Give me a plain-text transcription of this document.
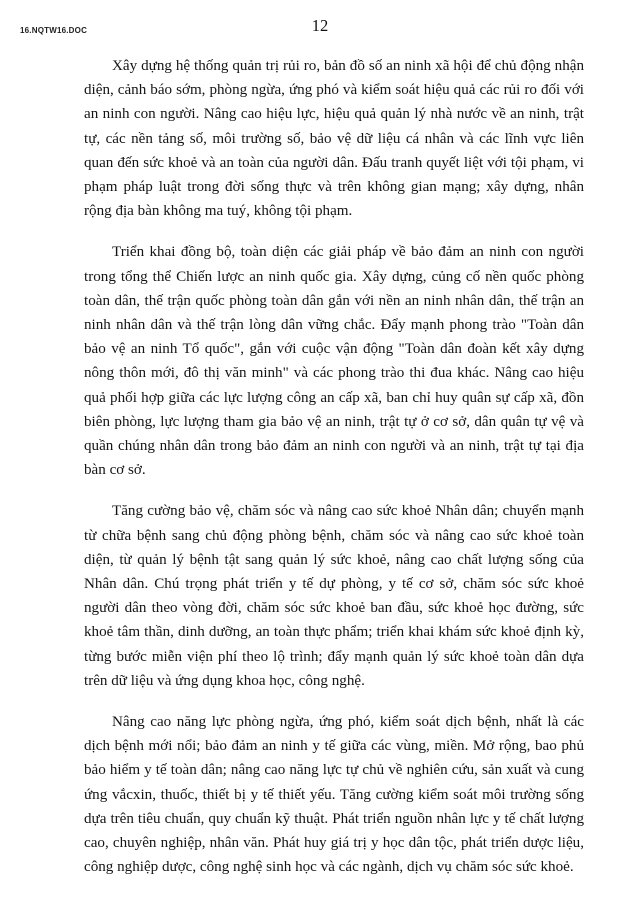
16.NQTW16.DOC	12

Xây dựng hệ thống quản trị rủi ro, bản đồ số an ninh xã hội để chủ động nhận diện, cảnh báo sớm, phòng ngừa, ứng phó và kiểm soát hiệu quả các rủi ro đối với an ninh con người. Nâng cao hiệu lực, hiệu quả quản lý nhà nước về an ninh, trật tự, các nền tảng số, môi trường số, bảo vệ dữ liệu cá nhân và các lĩnh vực liên quan đến sức khoẻ và an toàn của người dân. Đấu tranh quyết liệt với tội phạm, vi phạm pháp luật trong đời sống thực và trên không gian mạng; xây dựng, nhân rộng địa bàn không ma tuý, không tội phạm.

Triển khai đồng bộ, toàn diện các giải pháp về bảo đảm an ninh con người trong tổng thể Chiến lược an ninh quốc gia. Xây dựng, củng cố nền quốc phòng toàn dân, thế trận quốc phòng toàn dân gắn với nền an ninh nhân dân, thế trận an ninh nhân dân và thế trận lòng dân vững chắc. Đẩy mạnh phong trào "Toàn dân bảo vệ an ninh Tổ quốc", gắn với cuộc vận động "Toàn dân đoàn kết xây dựng nông thôn mới, đô thị văn minh" và các phong trào thi đua khác. Nâng cao hiệu quả phối hợp giữa các lực lượng công an cấp xã, ban chỉ huy quân sự cấp xã, đồn biên phòng, lực lượng tham gia bảo vệ an ninh, trật tự ở cơ sở, dân quân tự vệ và quần chúng nhân dân trong bảo đảm an ninh con người và an ninh, trật tự tại địa bàn cơ sở.

Tăng cường bảo vệ, chăm sóc và nâng cao sức khoẻ Nhân dân; chuyển mạnh từ chữa bệnh sang chủ động phòng bệnh, chăm sóc và nâng cao sức khoẻ toàn diện, từ quản lý bệnh tật sang quản lý sức khoẻ, nâng cao chất lượng sống của Nhân dân. Chú trọng phát triển y tế dự phòng, y tế cơ sở, chăm sóc sức khoẻ người dân theo vòng đời, chăm sóc sức khoẻ ban đầu, sức khoẻ học đường, sức khoẻ tâm thần, dinh dưỡng, an toàn thực phẩm; triển khai khám sức khoẻ định kỳ, từng bước miễn viện phí theo lộ trình; đẩy mạnh quản lý sức khoẻ toàn dân dựa trên dữ liệu và ứng dụng khoa học, công nghệ.

Nâng cao năng lực phòng ngừa, ứng phó, kiểm soát dịch bệnh, nhất là các dịch bệnh mới nổi; bảo đảm an ninh y tế giữa các vùng, miền. Mở rộng, bao phủ bảo hiểm y tế toàn dân; nâng cao năng lực tự chủ về nghiên cứu, sản xuất và cung ứng vắcxin, thuốc, thiết bị y tế thiết yếu. Tăng cường kiểm soát môi trường sống dựa trên tiêu chuẩn, quy chuẩn kỹ thuật. Phát triển nguồn nhân lực y tế chất lượng cao, chuyên nghiệp, nhân văn. Phát huy giá trị y học dân tộc, phát triển dược liệu, công nghiệp dược, công nghệ sinh học và các ngành, dịch vụ chăm sóc sức khoẻ.
